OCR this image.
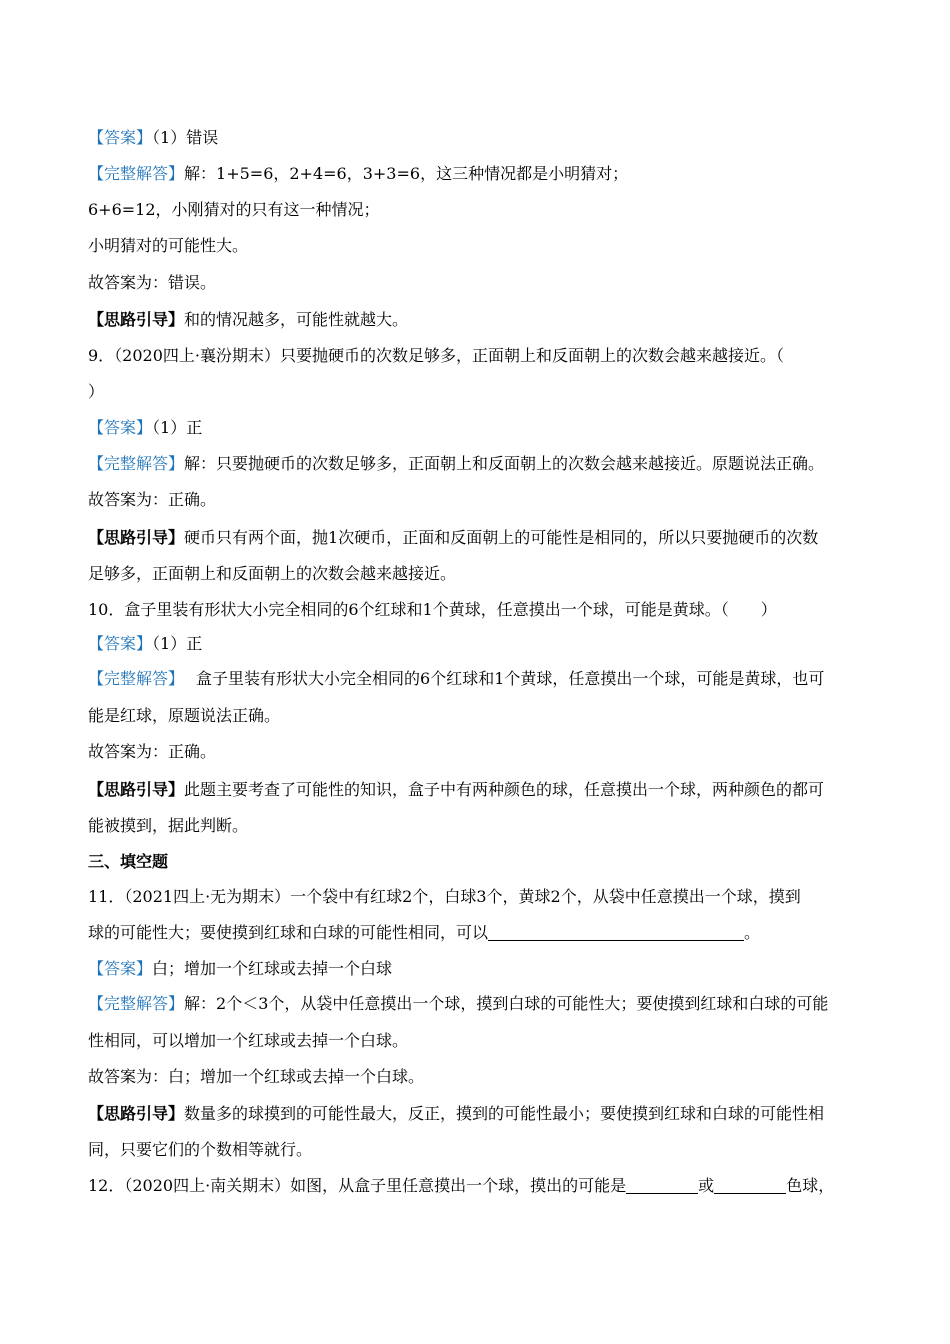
【答案】（1）错误
【完整解答】解：1+5=6，2+4=6，3+3=6，这三种情况都是小明猜对；
6+6=12，小刚猜对的只有这一种情况；
小明猜对的可能性大。
故答案为：错误。
【思路引导】和的情况越多，可能性就越大。
9．（2020四上·襄汾期末）只要抛硬币的次数足够多，正面朝上和反面朝上的次数会越来越接近。（
）
【答案】（1）正
【完整解答】解：只要抛硬币的次数足够多，正面朝上和反面朝上的次数会越来越接近。原题说法正确。
故答案为：正确。
【思路引导】硬币只有两个面，抛1次硬币，正面和反面朝上的可能性是相同的，所以只要抛硬币的次数
足够多，正面朝上和反面朝上的次数会越来越接近。
10．盒子里装有形状大小完全相同的6个红球和1个黄球，任意摸出一个球，可能是黄球。（　　）
【答案】（1）正
【完整解答】 盒子里装有形状大小完全相同的6个红球和1个黄球，任意摸出一个球，可能是黄球，也可
能是红球，原题说法正确。
故答案为：正确。
【思路引导】此题主要考查了可能性的知识，盒子中有两种颜色的球，任意摸出一个球，两种颜色的都可
能被摸到，据此判断。
三、填空题
11．（2021四上·无为期末）一个袋中有红球2个，白球3个，黄球2个，从袋中任意摸出一个球，摸到
球的可能性大；要使摸到红球和白球的可能性相同，可以	。
【答案】白；增加一个红球或去掉一个白球
【完整解答】解：2个＜3个，从袋中任意摸出一个球，摸到白球的可能性大；要使摸到红球和白球的可能
性相同，可以增加一个红球或去掉一个白球。
故答案为：白；增加一个红球或去掉一个白球。
【思路引导】数量多的球摸到的可能性最大，反正，摸到的可能性最小；要使摸到红球和白球的可能性相
同，只要它们的个数相等就行。
12．（2020四上·南关期末）如图，从盒子里任意摸出一个球，摸出的可能是	或	色球，
